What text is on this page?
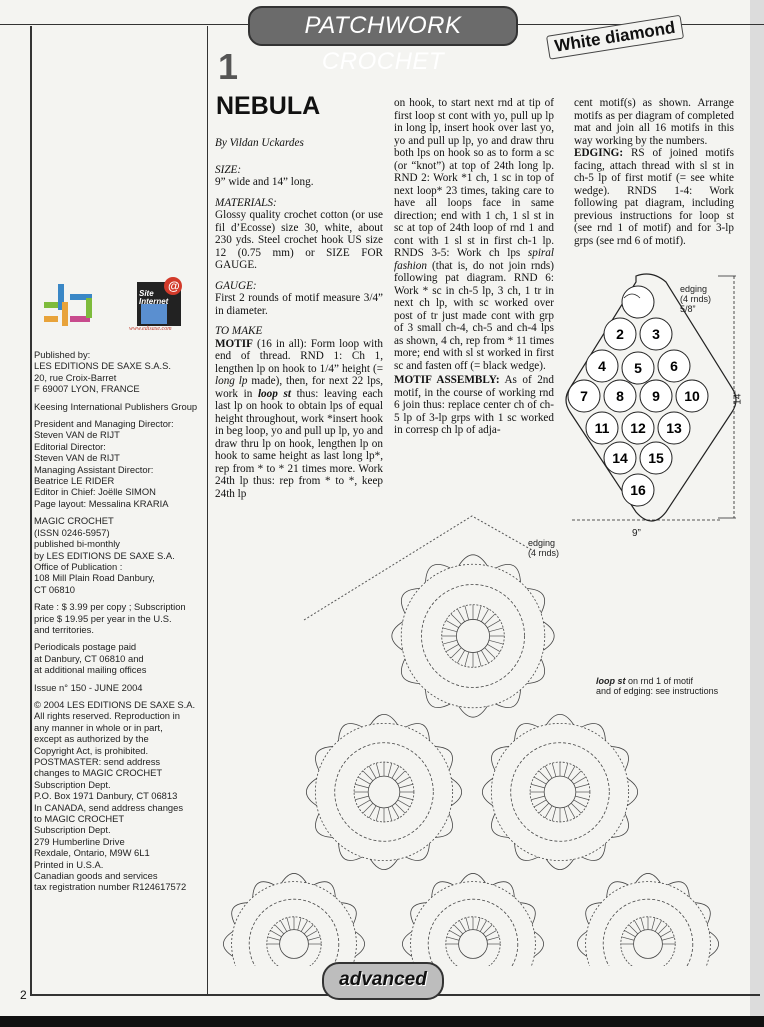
PATCHWORK CROCHET
White diamond
@
Site Internet
www.edisaxe.com
Published by:
LES EDITIONS DE SAXE S.A.S.
20, rue Croix-Barret
F 69007 LYON, FRANCE
Keesing International Publishers Group
President and Managing Director:
Steven VAN de RIJT
Editorial Director:
Steven VAN de RIJT
Managing Assistant Director:
Beatrice LE RIDER
Editor in Chief: Joëlle SIMON
Page layout: Messalina KRARIA
MAGIC CROCHET
(ISSN 0246-5957)
published bi-monthly
by LES EDITIONS DE SAXE S.A.
Office of Publication :
108 Mill Plain Road Danbury,
CT 06810
Rate : $ 3.99 per copy ; Subscription
price $ 19.95 per year in the U.S.
and territories.
Periodicals postage paid
at Danbury, CT 06810 and
at additional mailing offices
Issue n° 150 - JUNE 2004
© 2004 LES EDITIONS DE SAXE S.A.
All rights reserved. Reproduction in
any manner in whole or in part,
except as authorized by the
Copyright Act, is prohibited.
POSTMASTER: send address
changes to MAGIC CROCHET
Subscription Dept.
P.O. Box 1971 Danbury, CT 06813
In CANADA, send address changes
to MAGIC CROCHET
Subscription Dept.
279 Humberline Drive
Rexdale, Ontario, M9W 6L1
Printed in U.S.A.
Canadian goods and services
tax registration number R124617572
1
NEBULA
By Vildan Uckardes
SIZE:

9” wide and 14” long.

MATERIALS:

Glossy quality crochet cotton (or use fil d’Ecosse) size 30, white, about 230 yds. Steel crochet hook US size 12 (0.75 mm) or SIZE FOR GAUGE.

GAUGE:

First 2 rounds of motif measure 3/4” in diameter.

TO MAKE

MOTIF (16 in all): Form loop with end of thread. RND 1: Ch 1, lengthen lp on hook to 1/4” height (= long lp made), then, for next 22 lps, work in loop st thus: leaving each last lp on hook to obtain lps of equal height throughout, work *insert hook in beg loop, yo and pull up lp, yo and draw thru lp on hook, lengthen lp on hook to same height as last long lp*, rep from * to * 21 times more. Work 24th lp thus: rep from * to *, keep 24th lp

on hook, to start next rnd at tip of first loop st cont with yo, pull up lp in long lp, insert hook over last yo, yo and pull up lp, yo and draw thru both lps on hook so as to form a sc (or “knot”) at top of 24th long lp. RND 2: Work *1 ch, 1 sc in top of next loop* 23 times, taking care to have all loops face in same direction; end with 1 ch, 1 sl st in sc at top of 24th loop of rnd 1 and cont with 1 sl st in first ch-1 lp. RNDS 3-5: Work ch lps spiral fashion (that is, do not join rnds) following pat diagram. RND 6: Work * sc in ch-5 lp, 3 ch, 1 tr in next ch lp, with sc worked over post of tr just made cont with grp of 3 small ch-4, ch-5 and ch-4 lps as shown, 4 ch, rep from * 11 times more; end with sl st worked in first sc and fasten off (= black wedge).

MOTIF ASSEMBLY: As of 2nd motif, in the course of working rnd 6 join thus: replace center ch of ch-5 lp of 3-lp grps with 1 sc worked in corresp ch lp of adja-

cent motif(s) as shown. Arrange motifs as per diagram of completed mat and join all 16 motifs in this way working by the numbers.

EDGING: RS of joined motifs facing, attach thread with sl st in ch-5 lp of first motif (= see white wedge). RNDS 1-4: Work following pat diagram, including previous instructions for loop st (see rnd 1 of motif) and for 3-lp grps (see rnd 6 of motif).

2 3
4 5 6
7 8 9 10
11 12 13
14 15
16
edging
(4 rnds)
5/8”
14”
9”
edging
(4 rnds)
loop st on rnd 1 of motif
and of edging: see instructions
2
advanced
